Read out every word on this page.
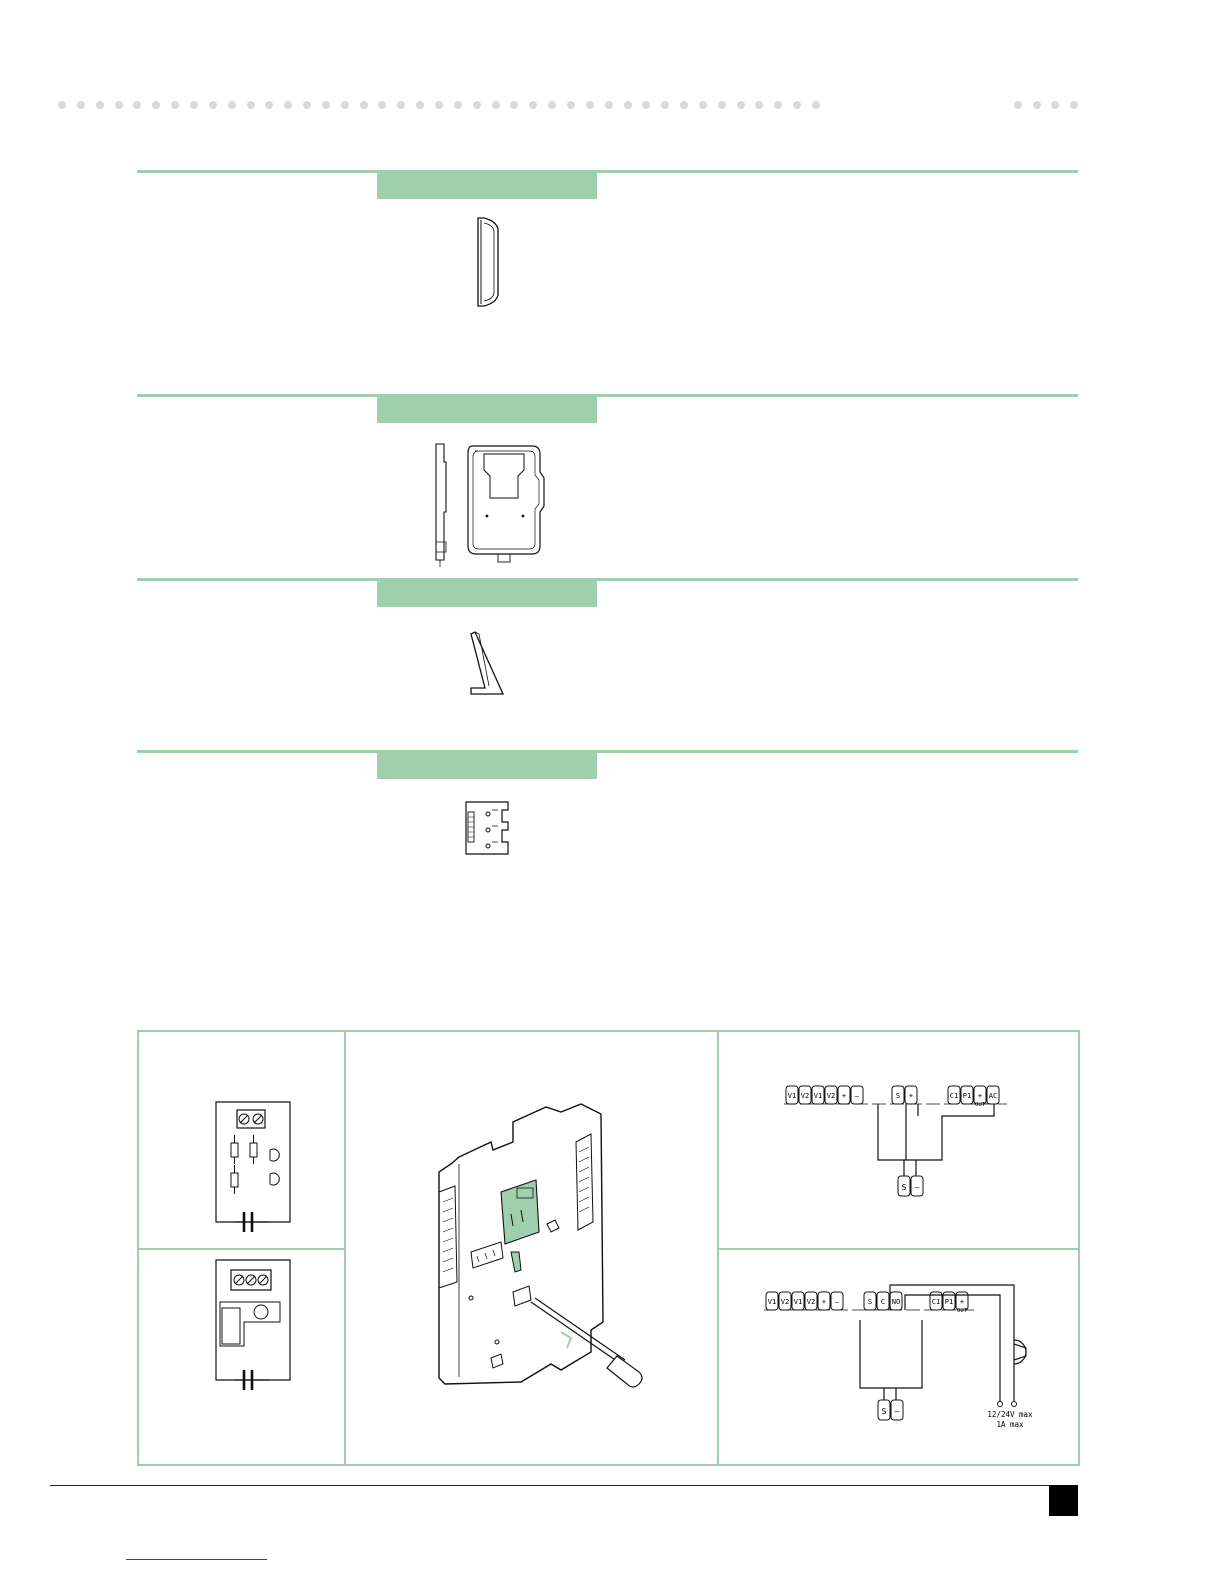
V1 V2 V1 V2 + –	S +	C1 P1 +
OUT
AC
S –
V1 V2 V1 V2 + –	S C NO	C1 P1 +
OUT
S –	12/24V max
1A max
